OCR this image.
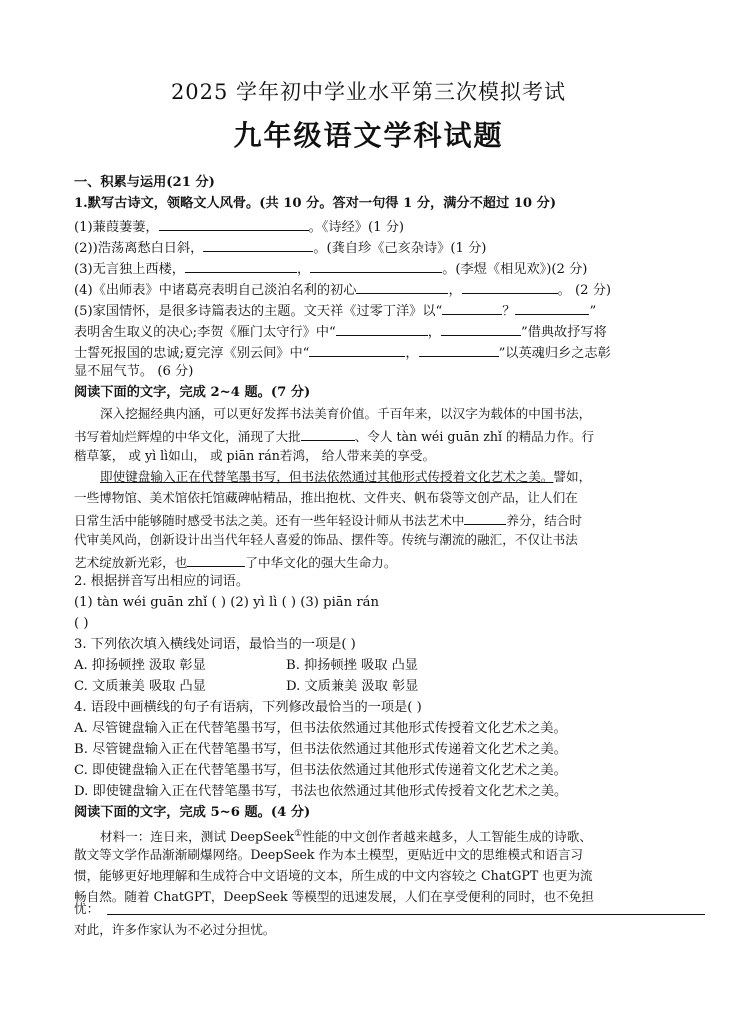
2025 学年初中学业水平第三次模拟考试
九年级语文学科试题
一、积累与运用(21 分)
1.默写古诗文，领略文人风骨。(共 10 分。答对一句得 1 分，满分不超过 10 分)
(1)蒹葭萋萋，	。《诗经》(1 分)
(2))浩荡离愁白日斜，	。(龚自珍《己亥杂诗》(1 分)
(3)无言独上西楼，	，	。(李煜《相见欢》)(2 分)
(4)《出师表》中诸葛亮表明自己淡泊名利的初心	，	。 (2 分)
(5)家国情怀，是很多诗篇表达的主题。文天祥《过零丁洋》以“	？	”
表明舍生取义的决心;李贺《雁门太守行》中“	，	”借典故抒写将
士誓死报国的忠诚;夏完淳《别云间》中“	，	”以英魂归乡之志彰
显不屈气节。 (6 分)
阅读下面的文字，完成 2~4 题。(7 分)
深入挖掘经典内涵，可以更好发挥书法美育价值。千百年来，以汉字为载体的中国书法，
书写着灿烂辉煌的中华文化，涌现了大批	、令人 tàn wéi guān zhǐ 的精品力作。行
楷草篆， 或 yì lì如山， 或 piān rán若鸿， 给人带来美的享受。
即使键盘输入正在代替笔墨书写，但书法依然通过其他形式传授着文化艺术之美。譬如，
一些博物馆、美术馆依托馆藏碑帖精品，推出抱枕、文件夹、帆布袋等文创产品，让人们在
日常生活中能够随时感受书法之美。还有一些年轻设计师从书法艺术中	养分，结合时
代审美风尚，创新设计出当代年轻人喜爱的饰品、摆件等。传统与潮流的融汇，不仅让书法
艺术绽放新光彩，也	了中华文化的强大生命力。
2. 根据拼音写出相应的词语。
(1) tàn wéi guān zhǐ ( ) (2) yì lì ( ) (3) piān rán
( )
3. 下列依次填入横线处词语，最恰当的一项是( )
A. 抑扬顿挫 汲取 彰显	B. 抑扬顿挫 吸取 凸显
C. 文质兼美 吸取 凸显	D. 文质兼美 汲取 彰显
4. 语段中画横线的句子有语病，下列修改最恰当的一项是( )
A. 尽管键盘输入正在代替笔墨书写，但书法依然通过其他形式传授着文化艺术之美。
B. 尽管键盘输入正在代替笔墨书写，但书法依然通过其他形式传递着文化艺术之美。
C. 即使键盘输入正在代替笔墨书写，但书法依然通过其他形式传递着文化艺术之美。
D. 即使键盘输入正在代替笔墨书写，书法也依然通过其他形式传授着文化艺术之美。
阅读下面的文字，完成 5~6 题。(4 分)
材料一：连日来，测试 DeepSeek①性能的中文创作者越来越多，人工智能生成的诗歌、
散文等文学作品渐渐刷爆网络。DeepSeek 作为本土模型，更贴近中文的思维模式和语言习
惯，能够更好地理解和生成符合中文语境的文本，所生成的中文内容较之 ChatGPT 也更为流
畅自然。随着 ChatGPT，DeepSeek 等模型的迅速发展，人们在享受便利的同时，也不免担
忧：
对此，许多作家认为不必过分担忧。
